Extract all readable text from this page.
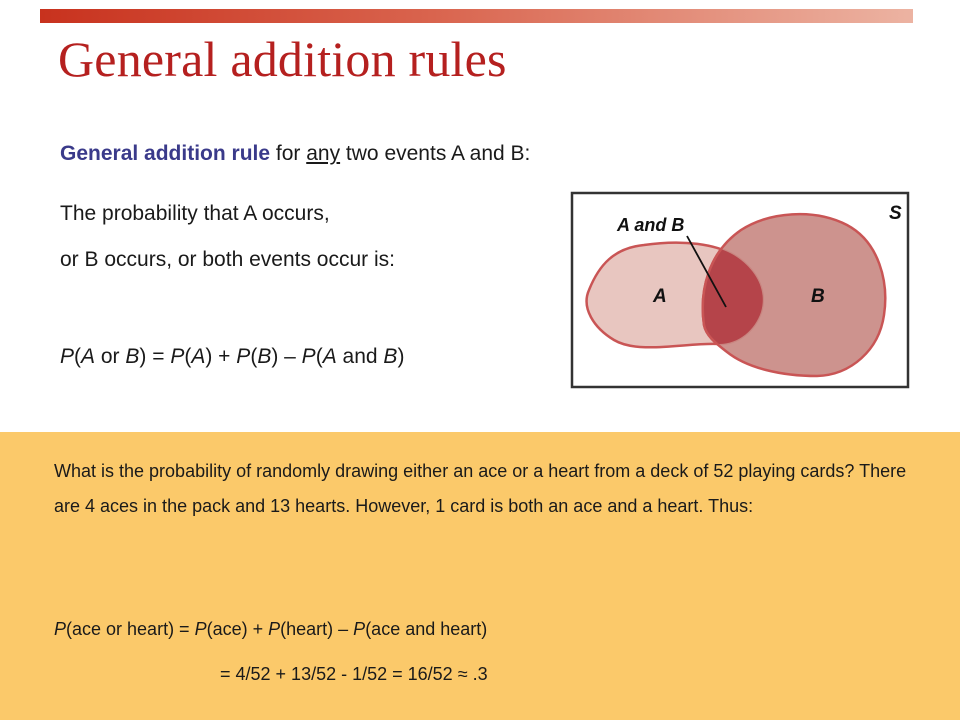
General addition rules

General addition rule for any two events A and B:

The probability that A occurs,

or B occurs, or both events occur is:

P(A or B) = P(A) + P(B) – P(A and B)

A and B
S
A	B

What is the probability of randomly drawing either an ace or a heart from a deck of 52 playing cards? There are 4 aces in the pack and 13 hearts. However, 1 card is both an ace and a heart. Thus:

P(ace or heart) = P(ace) + P(heart) – P(ace and heart)

= 4/52 + 13/52 - 1/52 = 16/52 ≈ .3
